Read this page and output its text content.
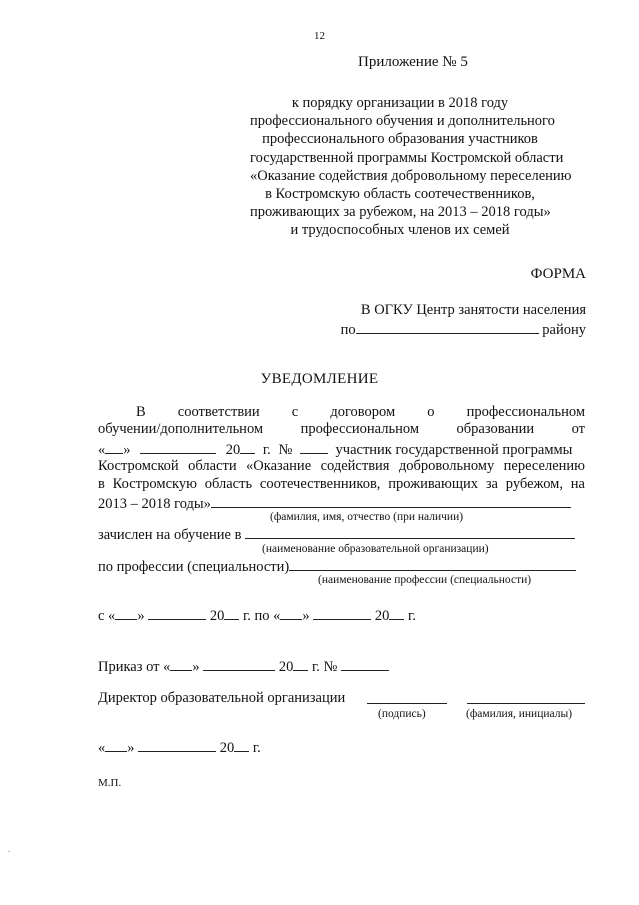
12
Приложение № 5
к порядку организации в 2018 году
профессионального обучения и дополнительного
профессионального образования участников
государственной программы Костромской области
«Оказание содействия добровольному переселению
в Костромскую область соотечественников,
проживающих за рубежом, на 2013 – 2018 годы»
и трудоспособных членов их семей
ФОРМА
В ОГКУ Центр занятости населения
по	району
УВЕДОМЛЕНИЕ
В соответствии с договором о профессиональном
обучении/дополнительном	профессиональном	образовании	от
« »	20 г. №	участник государственной программы
Костромской области «Оказание содействия добровольному переселению
в Костромскую область соотечественников, проживающих за рубежом, на
2013 – 2018 годы»
(фамилия, имя, отчество (при наличии)
зачислен на обучение в
(наименование образовательной организации)
по профессии (специальности)
(наименование профессии (специальности)
с « »	20 г. по « »	20 г.
Приказ от « »	20 г. №
Директор образовательной организации
(подпись)	(фамилия, инициалы)
« »	20 г.
М.П.
